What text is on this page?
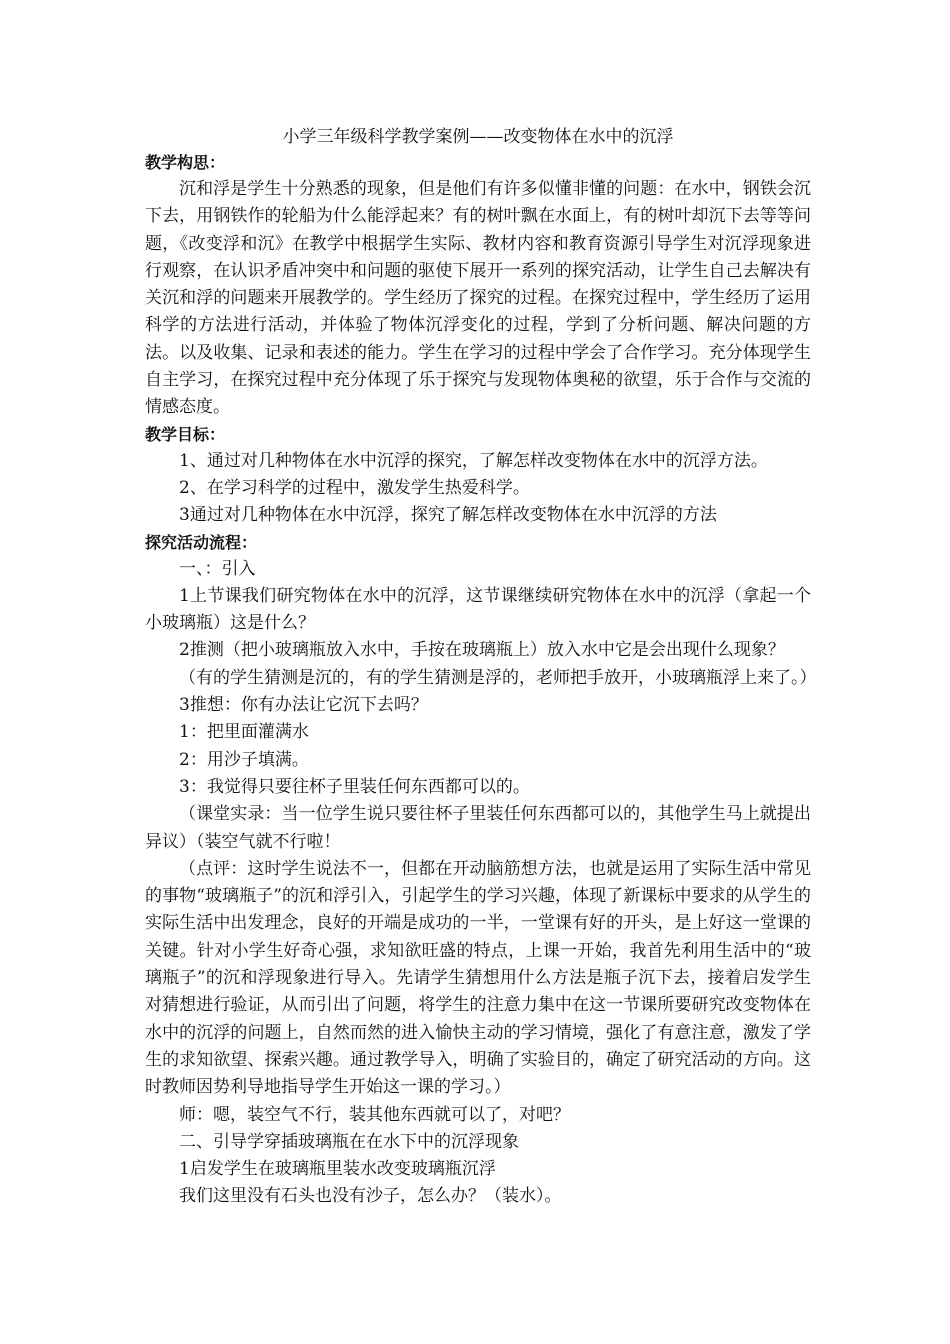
小学三年级科学教学案例——改变物体在水中的沉浮
教学构思：

沉和浮是学生十分熟悉的现象，但是他们有许多似懂非懂的问题：在水中，钢铁会沉下去，用钢铁作的轮船为什么能浮起来？有的树叶飘在水面上，有的树叶却沉下去等等问题，《改变浮和沉》在教学中根据学生实际、教材内容和教育资源引导学生对沉浮现象进行观察，在认识矛盾冲突中和问题的驱使下展开一系列的探究活动，让学生自己去解决有关沉和浮的问题来开展教学的。学生经历了探究的过程。在探究过程中，学生经历了运用科学的方法进行活动，并体验了物体沉浮变化的过程，学到了分析问题、解决问题的方法。以及收集、记录和表述的能力。学生在学习的过程中学会了合作学习。充分体现学生自主学习，在探究过程中充分体现了乐于探究与发现物体奥秘的欲望，乐于合作与交流的情感态度。

教学目标：

1、通过对几种物体在水中沉浮的探究，了解怎样改变物体在水中的沉浮方法。

2、在学习科学的过程中，激发学生热爱科学。

3通过对几种物体在水中沉浮，探究了解怎样改变物体在水中沉浮的方法

探究活动流程：

一、：引入

1上节课我们研究物体在水中的沉浮，这节课继续研究物体在水中的沉浮（拿起一个小玻璃瓶）这是什么？

2推测（把小玻璃瓶放入水中，手按在玻璃瓶上）放入水中它是会出现什么现象？

（有的学生猜测是沉的，有的学生猜测是浮的，老师把手放开，小玻璃瓶浮上来了。）

3推想：你有办法让它沉下去吗？

1：把里面灌满水

2：用沙子填满。

3：我觉得只要往杯子里装任何东西都可以的。

（课堂实录：当一位学生说只要往杯子里装任何东西都可以的，其他学生马上就提出异议）（装空气就不行啦！

（点评：这时学生说法不一，但都在开动脑筋想方法，也就是运用了实际生活中常见的事物“玻璃瓶子”的沉和浮引入，引起学生的学习兴趣，体现了新课标中要求的从学生的实际生活中出发理念，良好的开端是成功的一半，一堂课有好的开头，是上好这一堂课的关键。针对小学生好奇心强，求知欲旺盛的特点，上课一开始，我首先利用生活中的“玻璃瓶子”的沉和浮现象进行导入。先请学生猜想用什么方法是瓶子沉下去，接着启发学生对猜想进行验证，从而引出了问题，将学生的注意力集中在这一节课所要研究改变物体在水中的沉浮的问题上，自然而然的进入愉快主动的学习情境，强化了有意注意，激发了学生的求知欲望、探索兴趣。通过教学导入，明确了实验目的，确定了研究活动的方向。这时教师因势利导地指导学生开始这一课的学习。）

师：嗯，装空气不行，装其他东西就可以了，对吧？

二、引导学穿插玻璃瓶在在水下中的沉浮现象

1启发学生在玻璃瓶里装水改变玻璃瓶沉浮

我们这里没有石头也没有沙子，怎么办？（装水）。
